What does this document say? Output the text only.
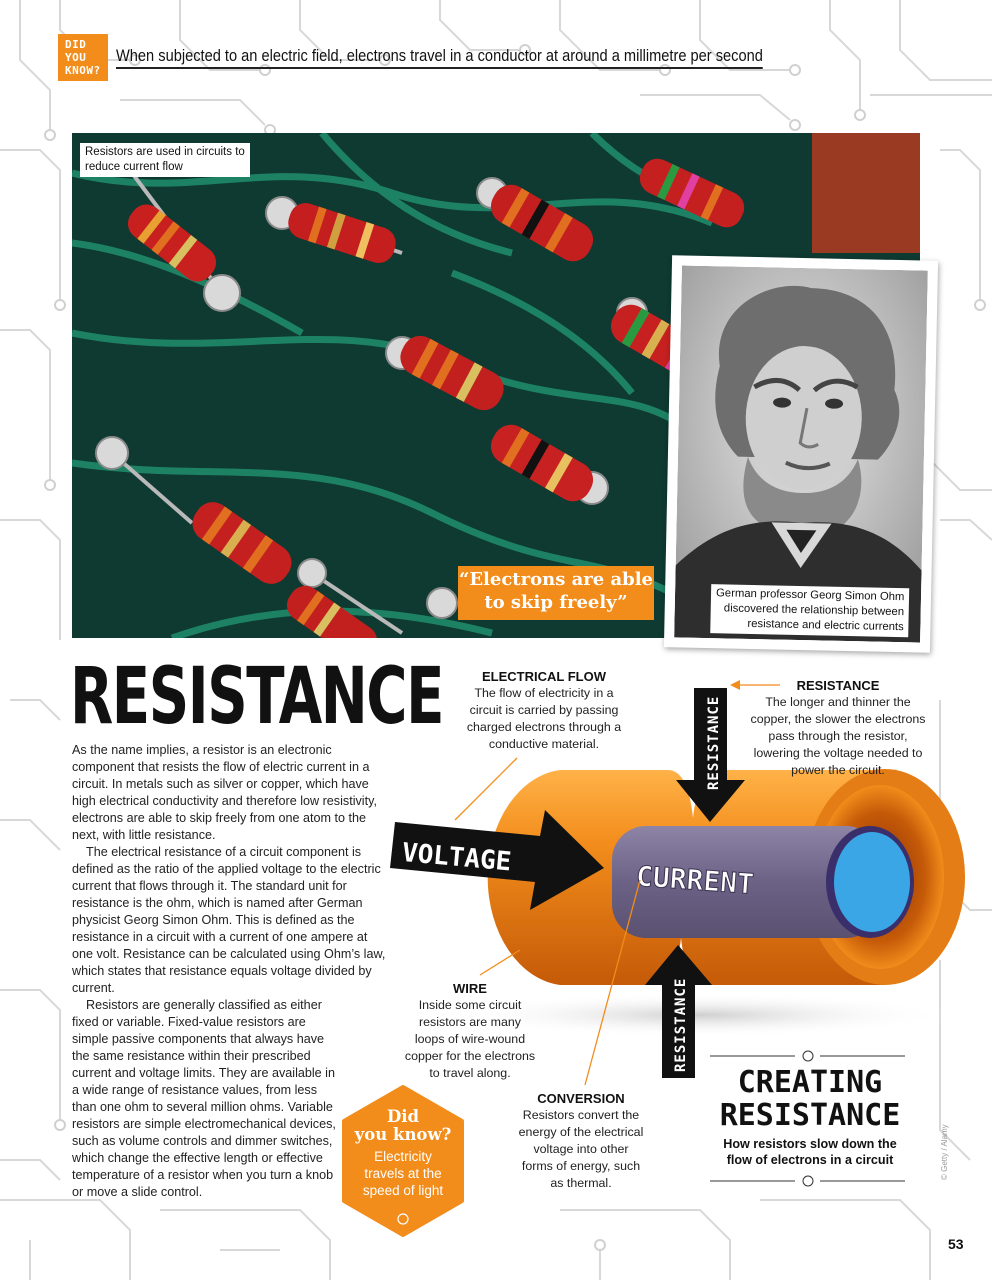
DID YOU KNOW?
When subjected to an electric field, electrons travel in a conductor at around a millimetre per second
Resistors are used in circuits to
reduce current flow
“Electrons are able
to skip freely”	German professor Georg Simon Ohm
discovered the relationship between
resistance and electric currents
RESISTANCE

As the name implies, a resistor is an electronic component that resists the flow of electric current in a circuit. In metals such as silver or copper, which have high electrical conductivity and therefore low resistivity, electrons are able to skip freely from one atom to the next, with little resistance.

The electrical resistance of a circuit component is defined as the ratio of the applied voltage to the electric current that flows through it. The standard unit for resistance is the ohm, which is named after German physicist Georg Simon Ohm. This is defined as the resistance in a circuit with a current of one ampere at one volt. Resistance can be calculated using Ohm’s law, which states that resistance equals voltage divided by current.

Resistors are generally classified as either fixed or variable. Fixed-value resistors are simple passive components that always have the same resistance within their prescribed current and voltage limits. They are available in a wide range of resistance values, from less than one ohm to several million ohms. Variable resistors are simple electromechanical devices, such as volume controls and dimmer switches, which change the effective length or effective temperature of a resistor when you turn a knob or move a slide control.

VOLTAGE
CURRENT
RESISTANCE
RESISTANCE
ELECTRICAL FLOW
The flow of electricity in a
circuit is carried by passing
charged electrons through a
conductive material.
RESISTANCE
The longer and thinner the
copper, the slower the electrons
pass through the resistor,
lowering the voltage needed to
power the circuit.
WIRE
Inside some circuit
resistors are many
loops of wire-wound
copper for the electrons
to travel along.
CONVERSION
Resistors convert the
energy of the electrical
voltage into other
forms of energy, such
as thermal.
Did
you know?
Electricity
travels at the
speed of light
CREATING
RESISTANCE
How resistors slow down the
flow of electrons in a circuit	© Getty / Alamy
53
